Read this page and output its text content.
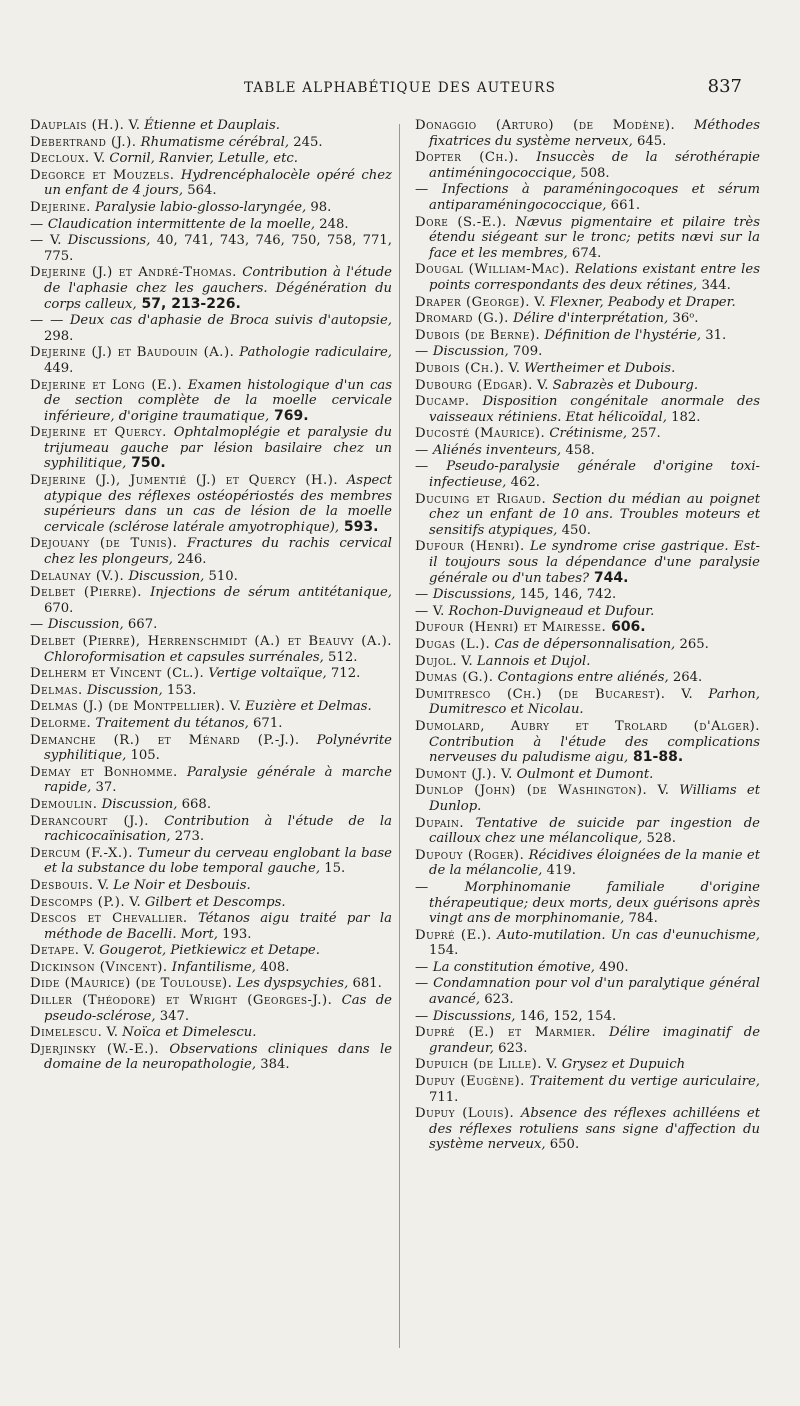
TABLE ALPHABÉTIQUE DES AUTEURS	837

Dauplais (H.). V. Étienne et Dauplais.

Debertrand (J.). Rhumatisme cérébral, 245.

Decloux. V. Cornil, Ranvier, Letulle, etc.

Degorce et Mouzels. Hydrencéphalocèle opéré chez un enfant de 4 jours, 564.

Dejerine. Paralysie labio-glosso-laryngée, 98.

— Claudication intermittente de la moelle, 248.

— V. Discussions, 40, 741, 743, 746, 750, 758, 771, 775.

Dejerine (J.) et André-Thomas. Contribution à l'étude de l'aphasie chez les gauchers. Dégénération du corps calleux, 57, 213-226.

— — Deux cas d'aphasie de Broca suivis d'autopsie, 298.

Dejerine (J.) et Baudouin (A.). Pathologie radiculaire, 449.

Dejerine et Long (E.). Examen histologique d'un cas de section complète de la moelle cervicale inférieure, d'origine traumatique, 769.

Dejerine et Quercy. Ophtalmoplégie et paralysie du trijumeau gauche par lésion basilaire chez un syphilitique, 750.

Dejerine (J.), Jumentié (J.) et Quercy (H.). Aspect atypique des réflexes ostéopériostés des membres supérieurs dans un cas de lésion de la moelle cervicale (sclérose latérale amyotrophique), 593.

Dejouany (de Tunis). Fractures du rachis cervical chez les plongeurs, 246.

Delaunay (V.). Discussion, 510.

Delbet (Pierre). Injections de sérum antitétanique, 670.

— Discussion, 667.

Delbet (Pierre), Herrenschmidt (A.) et Beauvy (A.). Chloroformisation et capsules surrénales, 512.

Delherm et Vincent (Cl.). Vertige voltaïque, 712.

Delmas. Discussion, 153.

Delmas (J.) (de Montpellier). V. Euzière et Delmas.

Delorme. Traitement du tétanos, 671.

Demanche (R.) et Ménard (P.-J.). Polynévrite syphilitique, 105.

Demay et Bonhomme. Paralysie générale à marche rapide, 37.

Demoulin. Discussion, 668.

Derancourt (J.). Contribution à l'étude de la rachicocaïnisation, 273.

Dercum (F.-X.). Tumeur du cerveau englobant la base et la substance du lobe temporal gauche, 15.

Desbouis. V. Le Noir et Desbouis.

Descomps (P.). V. Gilbert et Descomps.

Descos et Chevallier. Tétanos aigu traité par la méthode de Bacelli. Mort, 193.

Detape. V. Gougerot, Pietkiewicz et Detape.

Dickinson (Vincent). Infantilisme, 408.

Dide (Maurice) (de Toulouse). Les dyspsychies, 681.

Diller (Théodore) et Wright (Georges-J.). Cas de pseudo-sclérose, 347.

Dimelescu. V. Noïca et Dimelescu.

Djerjinsky (W.-E.). Observations cliniques dans le domaine de la neuropathologie, 384.

Donaggio (Arturo) (de Modène). Méthodes fixatrices du système nerveux, 645.

Dopter (Ch.). Insuccès de la sérothérapie antiméningococcique, 508.

— Infections à paraméningocoques et sérum antiparaméningococcique, 661.

Dore (S.-E.). Nævus pigmentaire et pilaire très étendu siégeant sur le tronc; petits nævi sur la face et les membres, 674.

Dougal (William-Mac). Relations existant entre les points correspondants des deux rétines, 344.

Draper (George). V. Flexner, Peabody et Draper.

Dromard (G.). Délire d'interprétation, 36ᵒ.

Dubois (de Berne). Définition de l'hystérie, 31.

— Discussion, 709.

Dubois (Ch.). V. Wertheimer et Dubois.

Dubourg (Edgar). V. Sabrazès et Dubourg.

Ducamp. Disposition congénitale anormale des vaisseaux rétiniens. Etat hélicoïdal, 182.

Ducosté (Maurice). Crétinisme, 257.

— Aliénés inventeurs, 458.

— Pseudo-paralysie générale d'origine toxi-infectieuse, 462.

Ducuing et Rigaud. Section du médian au poignet chez un enfant de 10 ans. Troubles moteurs et sensitifs atypiques, 450.

Dufour (Henri). Le syndrome crise gastrique. Est-il toujours sous la dépendance d'une paralysie générale ou d'un tabes? 744.

— Discussions, 145, 146, 742.

— V. Rochon-Duvigneaud et Dufour.

Dufour (Henri) et Mairesse. 606.

Dugas (L.). Cas de dépersonnalisation, 265.

Dujol. V. Lannois et Dujol.

Dumas (G.). Contagions entre aliénés, 264.

Dumitresco (Ch.) (de Bucarest). V. Parhon, Dumitresco et Nicolau.

Dumolard, Aubry et Trolard (d'Alger). Contribution à l'étude des complications nerveuses du paludisme aigu, 81-88.

Dumont (J.). V. Oulmont et Dumont.

Dunlop (John) (de Washington). V. Williams et Dunlop.

Dupain. Tentative de suicide par ingestion de cailloux chez une mélancolique, 528.

Dupouy (Roger). Récidives éloignées de la manie et de la mélancolie, 419.

—	Morphinomanie familiale d'origine thérapeutique; deux morts, deux guérisons après vingt ans de morphinomanie, 784.

Dupré (E.). Auto-mutilation. Un cas d'eunuchisme, 154.

— La constitution émotive, 490.

— Condamnation pour vol d'un paralytique général avancé, 623.

— Discussions, 146, 152, 154.

Dupré (E.) et Marmier. Délire imaginatif de grandeur, 623.

Dupuich (de Lille). V. Grysez et Dupuich

Dupuy (Eugène). Traitement du vertige auriculaire, 711.

Dupuy (Louis). Absence des réflexes achilléens et des réflexes rotuliens sans signe d'affection du système nerveux, 650.
